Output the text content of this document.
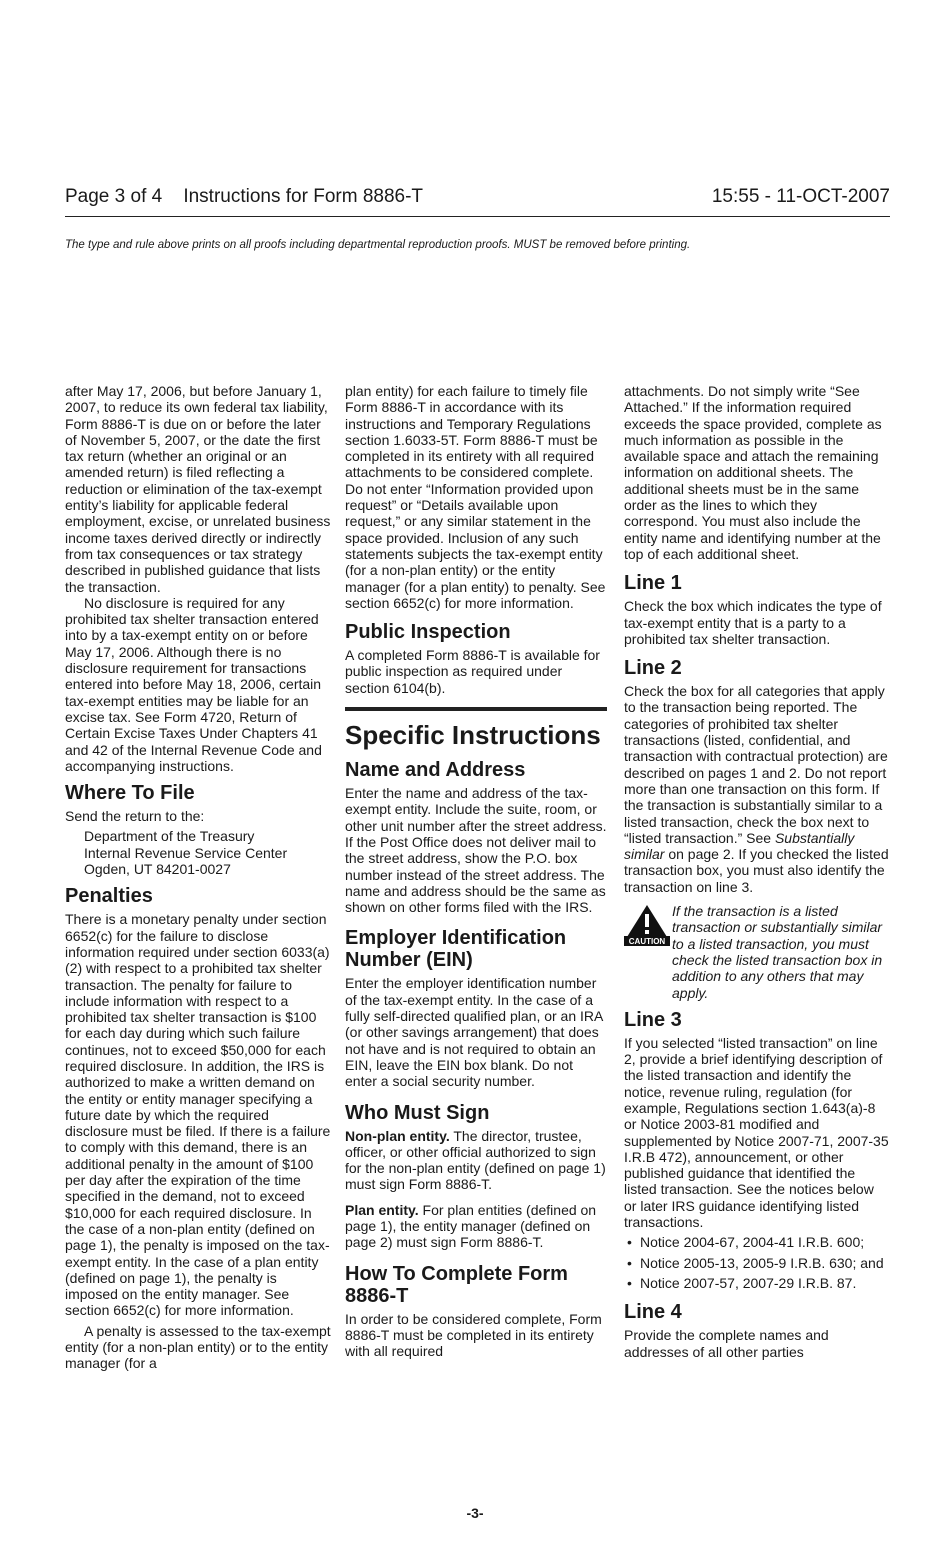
Page 3 of 4 Instructions for Form 8886-T	15:55 - 11-OCT-2007
The type and rule above prints on all proofs including departmental reproduction proofs. MUST be removed before printing.

after May 17, 2006, but before January 1, 2007, to reduce its own federal tax liability, Form 8886-T is due on or before the later of November 5, 2007, or the date the first tax return (whether an original or an amended return) is filed reflecting a reduction or elimination of the tax-exempt entity’s liability for applicable federal employment, excise, or unrelated business income taxes derived directly or indirectly from tax consequences or tax strategy described in published guidance that lists the transaction.

No disclosure is required for any prohibited tax shelter transaction entered into by a tax-exempt entity on or before May 17, 2006. Although there is no disclosure requirement for transactions entered into before May 18, 2006, certain tax-exempt entities may be liable for an excise tax. See Form 4720, Return of Certain Excise Taxes Under Chapters 41 and 42 of the Internal Revenue Code and accompanying instructions.

Where To File

Send the return to the:

Department of the Treasury
Internal Revenue Service Center
Ogden, UT 84201-0027
Penalties

There is a monetary penalty under section 6652(c) for the failure to disclose information required under section 6033(a)(2) with respect to a prohibited tax shelter transaction. The penalty for failure to include information with respect to a prohibited tax shelter transaction is $100 for each day during which such failure continues, not to exceed $50,000 for each required disclosure. In addition, the IRS is authorized to make a written demand on the entity or entity manager specifying a future date by which the required disclosure must be filed. If there is a failure to comply with this demand, there is an additional penalty in the amount of $100 per day after the expiration of the time specified in the demand, not to exceed $10,000 for each required disclosure. In the case of a non-plan entity (defined on page 1), the penalty is imposed on the tax-exempt entity. In the case of a plan entity (defined on page 1), the penalty is imposed on the entity manager. See section 6652(c) for more information.

A penalty is assessed to the tax-exempt entity (for a non-plan entity) or to the entity manager (for a

plan entity) for each failure to timely file Form 8886-T in accordance with its instructions and Temporary Regulations section 1.6033-5T. Form 8886-T must be completed in its entirety with all required attachments to be considered complete. Do not enter “Information provided upon request” or “Details available upon request,” or any similar statement in the space provided. Inclusion of any such statements subjects the tax-exempt entity (for a non-plan entity) or the entity manager (for a plan entity) to penalty. See section 6652(c) for more information.

Public Inspection

A completed Form 8886-T is available for public inspection as required under section 6104(b).

Specific Instructions
Name and Address

Enter the name and address of the tax-exempt entity. Include the suite, room, or other unit number after the street address. If the Post Office does not deliver mail to the street address, show the P.O. box number instead of the street address. The name and address should be the same as shown on other forms filed with the IRS.

Employer Identification Number (EIN)

Enter the employer identification number of the tax-exempt entity. In the case of a fully self-directed qualified plan, or an IRA (or other savings arrangement) that does not have and is not required to obtain an EIN, leave the EIN box blank. Do not enter a social security number.

Who Must Sign

Non-plan entity. The director, trustee, officer, or other official authorized to sign for the non-plan entity (defined on page 1) must sign Form 8886-T.

Plan entity. For plan entities (defined on page 1), the entity manager (defined on page 2) must sign Form 8886-T.

How To Complete Form 8886-T

In order to be considered complete, Form 8886-T must be completed in its entirety with all required

attachments. Do not simply write “See Attached.” If the information required exceeds the space provided, complete as much information as possible in the available space and attach the remaining information on additional sheets. The additional sheets must be in the same order as the lines to which they correspond. You must also include the entity name and identifying number at the top of each additional sheet.

Line 1

Check the box which indicates the type of tax-exempt entity that is a party to a prohibited tax shelter transaction.

Line 2

Check the box for all categories that apply to the transaction being reported. The categories of prohibited tax shelter transactions (listed, confidential, and transaction with contractual protection) are described on pages 1 and 2. Do not report more than one transaction on this form. If the transaction is substantially similar to a listed transaction, check the box next to “listed transaction.” See Substantially similar on page 2. If you checked the listed transaction box, you must also identify the transaction on line 3.

CAUTION
If the transaction is a listed transaction or substantially similar to a listed transaction, you must check the listed transaction box in addition to any others that may apply.
Line 3

If you selected “listed transaction” on line 2, provide a brief identifying description of the listed transaction and identify the notice, revenue ruling, regulation (for example, Regulations section 1.643(a)-8 or Notice 2003-81 modified and supplemented by Notice 2007-71, 2007-35 I.R.B 472), announcement, or other published guidance that identified the listed transaction. See the notices below or later IRS guidance identifying listed transactions.

• Notice 2004-67, 2004-41 I.R.B. 600;
• Notice 2005-13, 2005-9 I.R.B. 630; and
• Notice 2007-57, 2007-29 I.R.B. 87.
Line 4

Provide the complete names and addresses of all other parties

-3-
